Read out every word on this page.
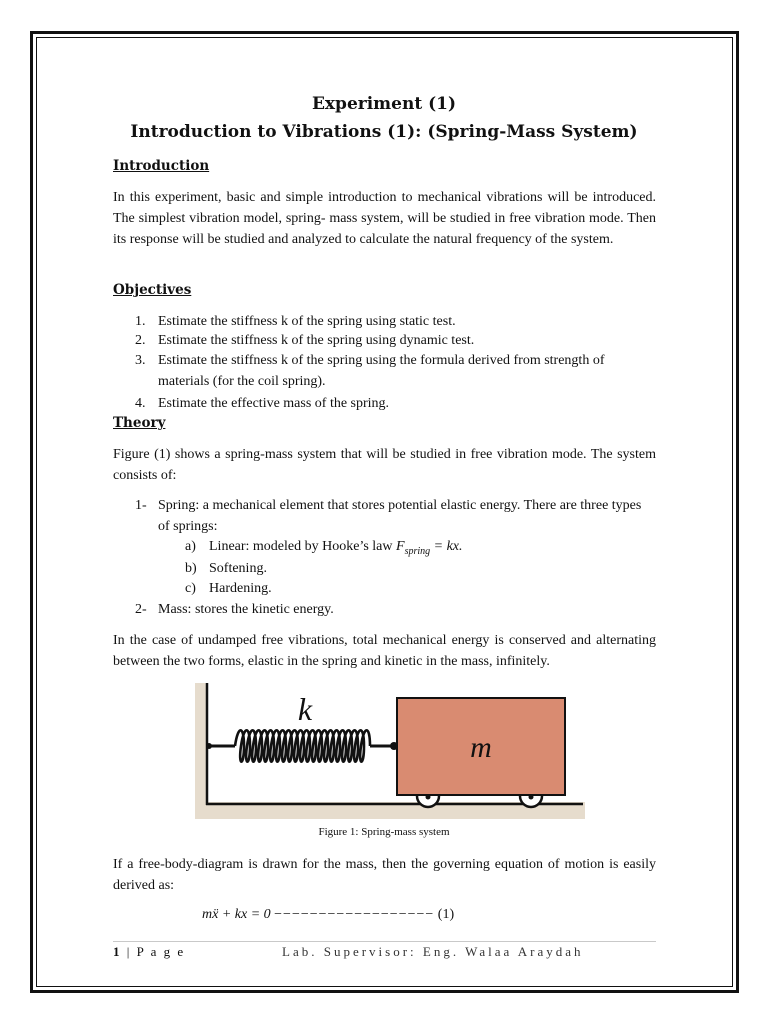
Experiment (1)
Introduction to Vibrations (1): (Spring-Mass System)
Introduction
In this experiment, basic and simple introduction to mechanical vibrations will be introduced. The simplest vibration model, spring- mass system, will be studied in free vibration mode. Then its response will be studied and analyzed to calculate the natural frequency of the system.
Objectives
1. Estimate the stiffness k of the spring using static test.
2. Estimate the stiffness k of the spring using dynamic test.
3. Estimate the stiffness k of the spring using the formula derived from strength of materials (for the coil spring).
4. Estimate the effective mass of the spring.
Theory
Figure (1) shows a spring-mass system that will be studied in free vibration mode. The system consists of:
1- Spring: a mechanical element that stores potential elastic energy. There are three types of springs:
a) Linear: modeled by Hooke’s law $F_{spring}$ = kx.
b) Softening.
c) Hardening.
2- Mass: stores the kinetic energy.
In the case of undamped free vibrations, total mechanical energy is conserved and alternating between the two forms, elastic in the spring and kinetic in the mass, infinitely.
k
m
Figure 1: Spring-mass system
If a free-body-diagram is drawn for the mass, then the governing equation of motion is easily derived as:
mẍ + kx = 0 −−−−−−−−−−−−−−−−−− (1)
1 | P a g e	Lab. Supervisor: Eng. Walaa Araydah
